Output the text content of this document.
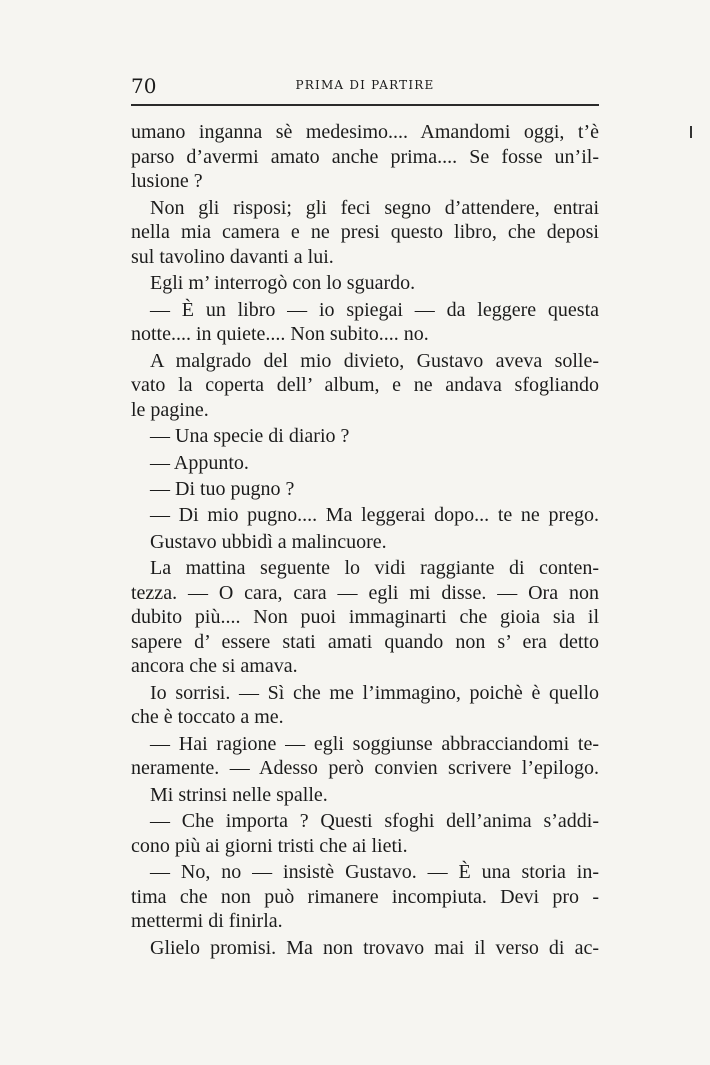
70	PRIMA DI PARTIRE
umano inganna sè medesimo.... Amandomi oggi, t’è
parso d’avermi amato anche prima.... Se fosse un’il-
lusione ?
Non gli risposi; gli feci segno d’attendere, entrai
nella mia camera e ne presi questo libro, che deposi
sul tavolino davanti a lui.
Egli m’ interrogò con lo sguardo.
— È un libro — io spiegai — da leggere questa
notte.... in quiete.... Non subito.... no.
A malgrado del mio divieto, Gustavo aveva solle-
vato la coperta dell’ album, e ne andava sfogliando
le pagine.
— Una specie di diario ?
— Appunto.
— Di tuo pugno ?
— Di mio pugno.... Ma leggerai dopo... te ne prego.
Gustavo ubbidì a malincuore.
La mattina seguente lo vidi raggiante di conten-
tezza. — O cara, cara — egli mi disse. — Ora non
dubito più.... Non puoi immaginarti che gioia sia il
sapere d’ essere stati amati quando non s’ era detto
ancora che si amava.
Io sorrisi. — Sì che me l’immagino, poichè è quello
che è toccato a me.
— Hai ragione — egli soggiunse abbracciandomi te-
neramente. — Adesso però convien scrivere l’epilogo.
Mi strinsi nelle spalle.
— Che importa ? Questi sfoghi dell’anima s’addi-
cono più ai giorni tristi che ai lieti.
— No, no — insistè Gustavo. — È una storia in-
tima che non può rimanere incompiuta. Devi pro -
mettermi di finirla.
Glielo promisi. Ma non trovavo mai il verso di ac-
